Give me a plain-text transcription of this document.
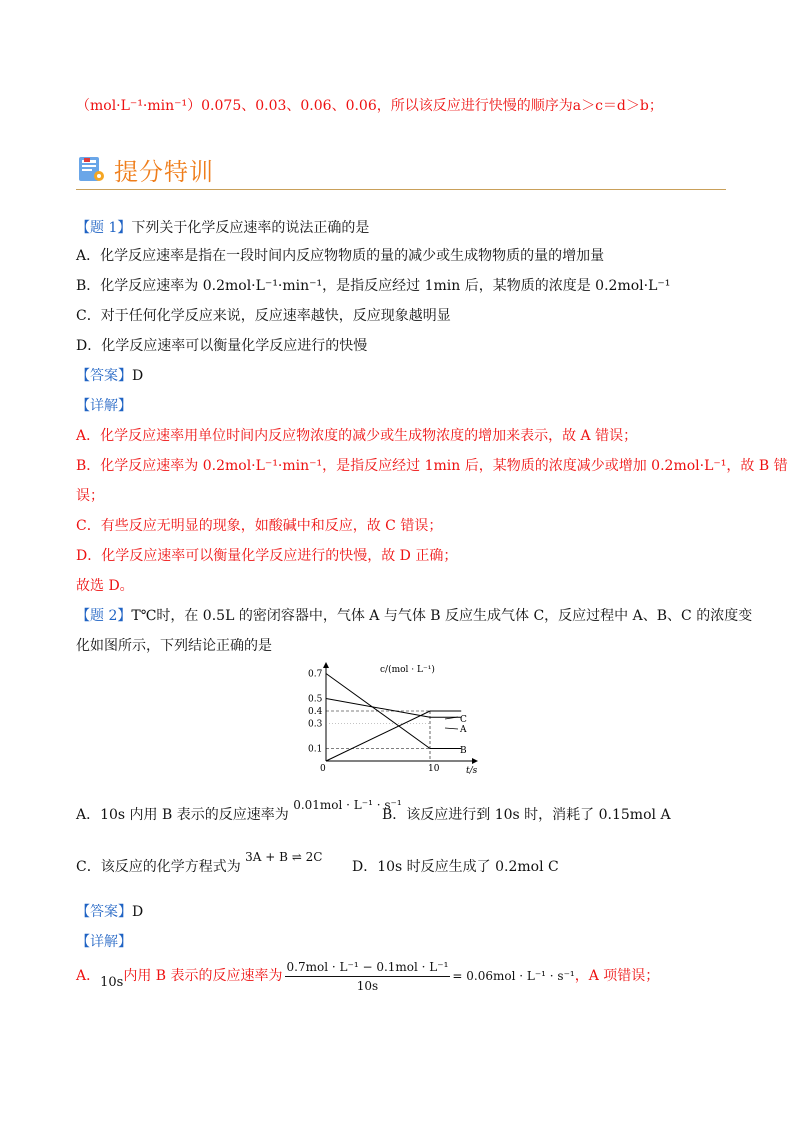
（mol·L⁻¹·min⁻¹）0.075、0.03、0.06、0.06，所以该反应进行快慢的顺序为a＞c＝d＞b；
提分特训
【题 1】下列关于化学反应速率的说法正确的是
A．化学反应速率是指在一段时间内反应物物质的量的减少或生成物物质的量的增加量
B．化学反应速率为 0.2mol·L⁻¹·min⁻¹，是指反应经过 1min 后，某物质的浓度是 0.2mol·L⁻¹
C．对于任何化学反应来说，反应速率越快，反应现象越明显
D．化学反应速率可以衡量化学反应进行的快慢
【答案】D
【详解】
A．化学反应速率用单位时间内反应物浓度的减少或生成物浓度的增加来表示，故 A 错误；
B．化学反应速率为 0.2mol·L⁻¹·min⁻¹，是指反应经过 1min 后，某物质的浓度减少或增加 0.2mol·L⁻¹，故 B 错
误；
C．有些反应无明显的现象，如酸碱中和反应，故 C 错误；
D．化学反应速率可以衡量化学反应进行的快慢，故 D 正确；
故选 D。
【题 2】T℃时，在 0.5L 的密闭容器中，气体 A 与气体 B 反应生成气体 C，反应过程中 A、B、C 的浓度变
化如图所示，下列结论正确的是
c/(mol · L⁻¹)
t/s
0	10
0.1
0.3
0.4
0.5
0.7
C
A
B
A．10s 内用 B 表示的反应速率为 0.01mol · L⁻¹ · s⁻¹
B．该反应进行到 10s 时，消耗了 0.15mol A
C．该反应的化学方程式为 3A + B ⇌ 2C
D．10s 时反应生成了 0.2mol C
【答案】D
【详解】
A．10s内用 B 表示的反应速率为 $\frac{\text{0.7mol · L⁻¹ − 0.1mol · L⁻¹}}{10s} = 0.06mol \cdot L^{-1} \cdot s^{-1}$，A 项错误；
